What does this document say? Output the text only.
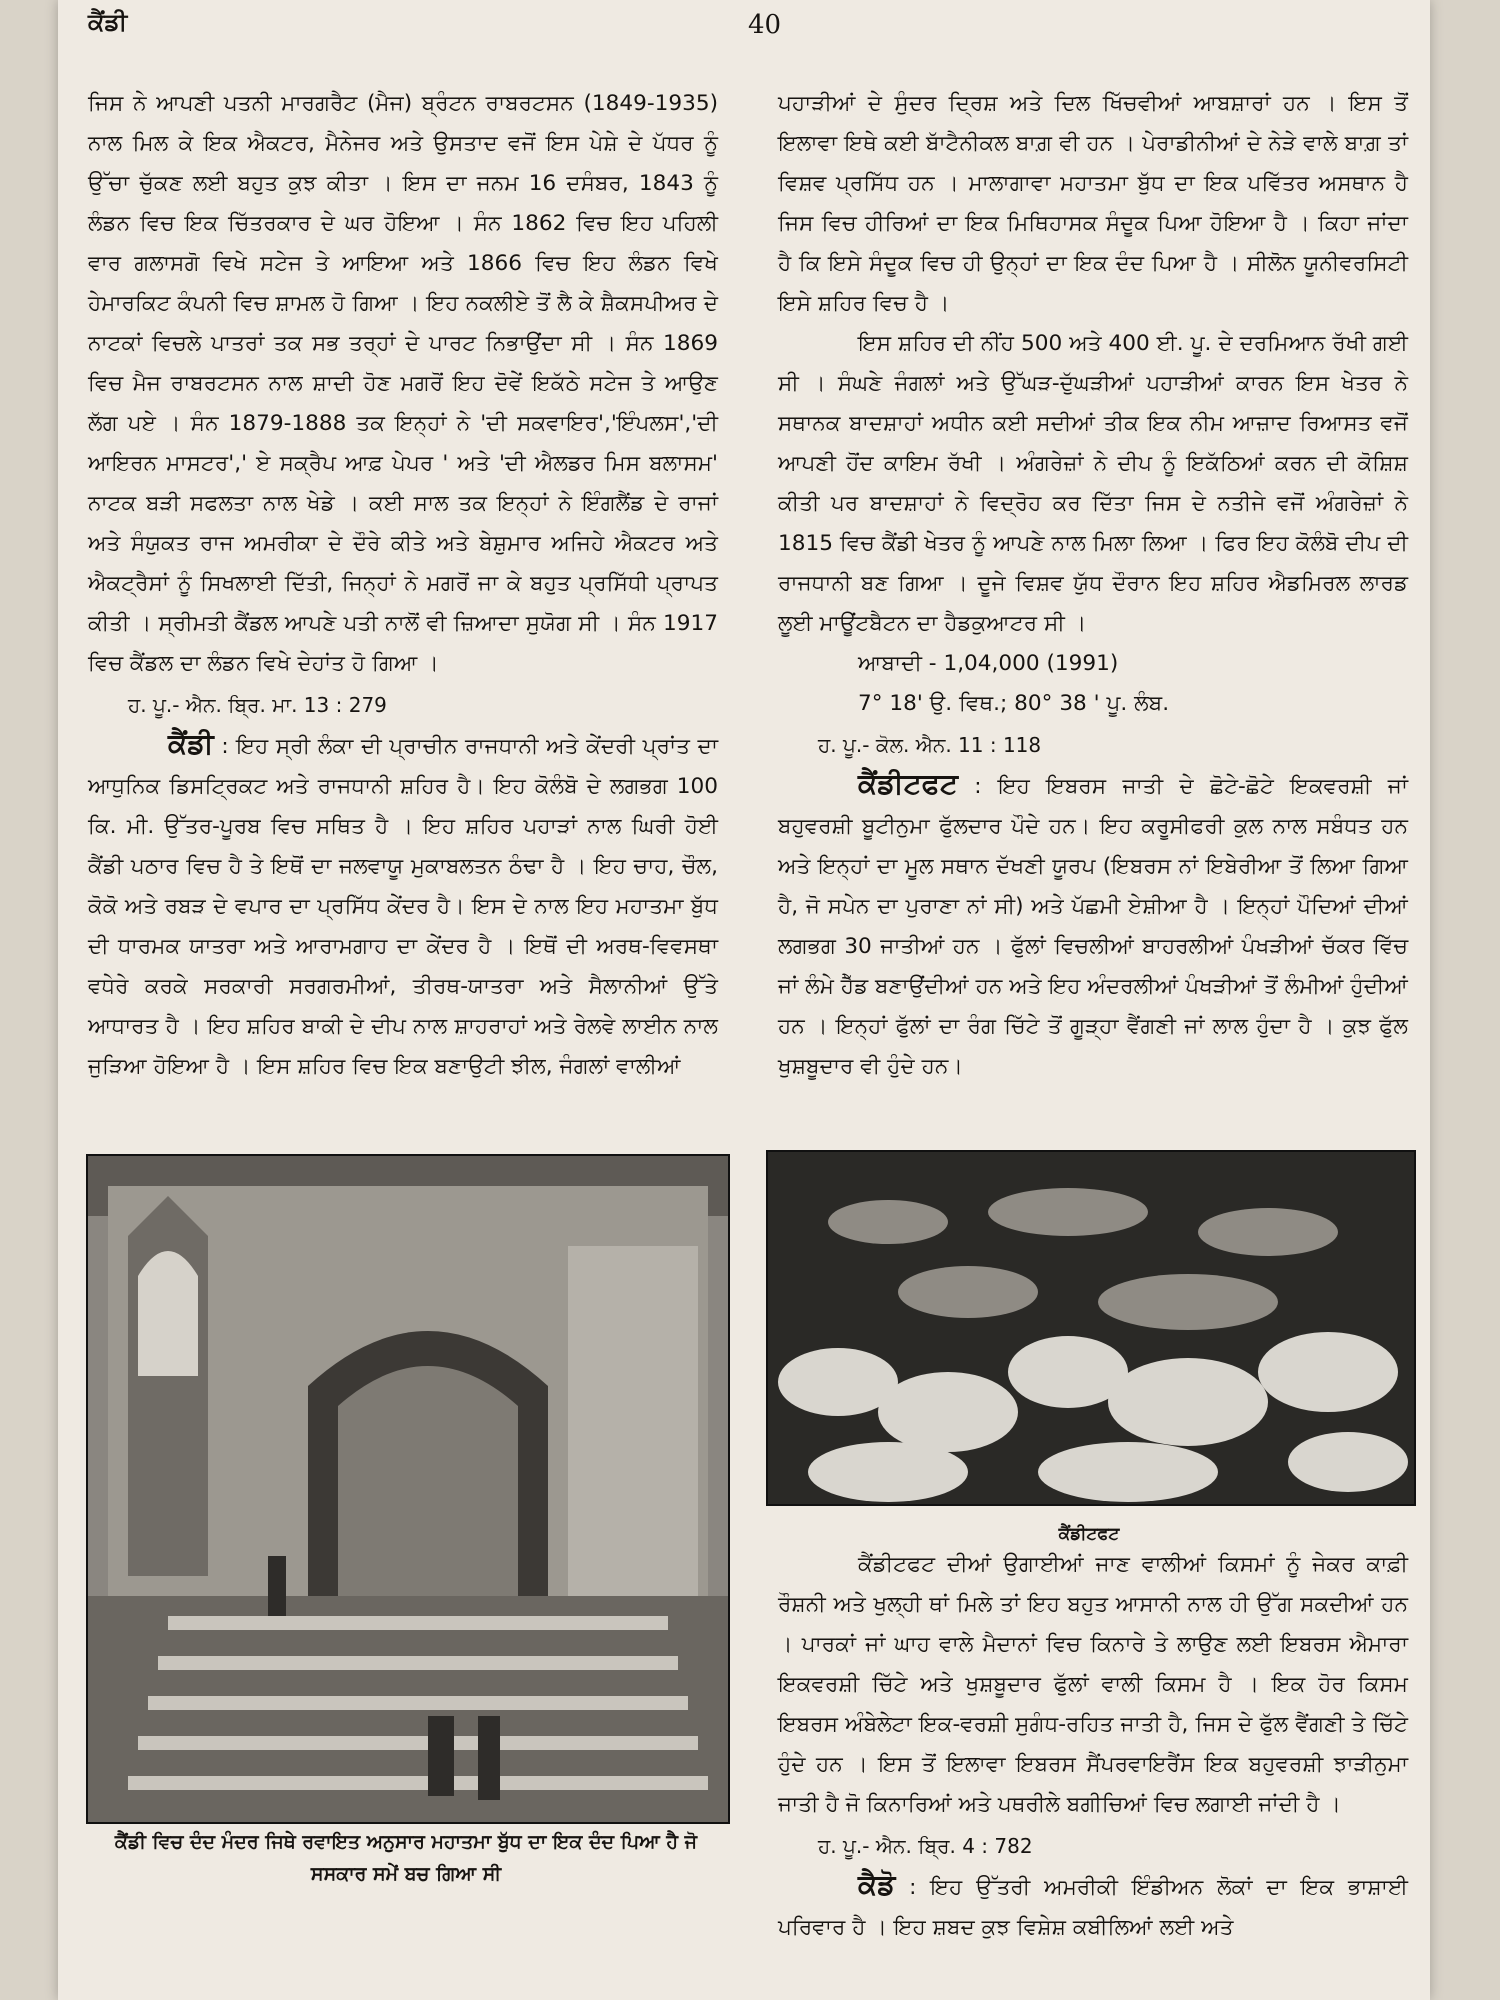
ਕੈਂਡੀ	40

ਜਿਸ ਨੇ ਆਪਣੀ ਪਤਨੀ ਮਾਰਗਰੈਟ (ਮੈਜ) ਬ੍ਰੰਟਨ ਰਾਬਰਟਸਨ (1849-1935) ਨਾਲ ਮਿਲ ਕੇ ਇਕ ਐਕਟਰ, ਮੈਨੇਜਰ ਅਤੇ ਉਸਤਾਦ ਵਜੋਂ ਇਸ ਪੇਸ਼ੇ ਦੇ ਪੱਧਰ ਨੂੰ ਉੱਚਾ ਚੁੱਕਣ ਲਈ ਬਹੁਤ ਕੁਝ ਕੀਤਾ । ਇਸ ਦਾ ਜਨਮ 16 ਦਸੰਬਰ, 1843 ਨੂੰ ਲੰਡਨ ਵਿਚ ਇਕ ਚਿੱਤਰਕਾਰ ਦੇ ਘਰ ਹੋਇਆ । ਸੰਨ 1862 ਵਿਚ ਇਹ ਪਹਿਲੀ ਵਾਰ ਗਲਾਸਗੋ ਵਿਖੇ ਸਟੇਜ ਤੇ ਆਇਆ ਅਤੇ 1866 ਵਿਚ ਇਹ ਲੰਡਨ ਵਿਖੇ ਹੇਮਾਰਕਿਟ ਕੰਪਨੀ ਵਿਚ ਸ਼ਾਮਲ ਹੋ ਗਿਆ । ਇਹ ਨਕਲੀਏ ਤੋਂ ਲੈ ਕੇ ਸ਼ੈਕਸਪੀਅਰ ਦੇ ਨਾਟਕਾਂ ਵਿਚਲੇ ਪਾਤਰਾਂ ਤਕ ਸਭ ਤਰ੍ਹਾਂ ਦੇ ਪਾਰਟ ਨਿਭਾਉਂਦਾ ਸੀ । ਸੰਨ 1869 ਵਿਚ ਮੈਜ ਰਾਬਰਟਸਨ ਨਾਲ ਸ਼ਾਦੀ ਹੋਣ ਮਗਰੋਂ ਇਹ ਦੋਵੇਂ ਇਕੱਠੇ ਸਟੇਜ ਤੇ ਆਉਣ ਲੱਗ ਪਏ । ਸੰਨ 1879-1888 ਤਕ ਇਨ੍ਹਾਂ ਨੇ 'ਦੀ ਸਕਵਾਇਰ','ਇੰਪਲਸ','ਦੀ ਆਇਰਨ ਮਾਸਟਰ',' ਏ ਸਕ੍ਰੈਪ ਆਫ਼ ਪੇਪਰ ' ਅਤੇ 'ਦੀ ਐਲਡਰ ਮਿਸ ਬਲਾਸਮ' ਨਾਟਕ ਬੜੀ ਸਫਲਤਾ ਨਾਲ ਖੇਡੇ । ਕਈ ਸਾਲ ਤਕ ਇਨ੍ਹਾਂ ਨੇ ਇੰਗਲੈਂਡ ਦੇ ਰਾਜਾਂ ਅਤੇ ਸੰਯੁਕਤ ਰਾਜ ਅਮਰੀਕਾ ਦੇ ਦੌਰੇ ਕੀਤੇ ਅਤੇ ਬੇਸ਼ੁਮਾਰ ਅਜਿਹੇ ਐਕਟਰ ਅਤੇ ਐਕਟ੍ਰੈਸਾਂ ਨੂੰ ਸਿਖਲਾਈ ਦਿੱਤੀ, ਜਿਨ੍ਹਾਂ ਨੇ ਮਗਰੋਂ ਜਾ ਕੇ ਬਹੁਤ ਪ੍ਰਸਿੱਧੀ ਪ੍ਰਾਪਤ ਕੀਤੀ । ਸ੍ਰੀਮਤੀ ਕੈਂਡਲ ਆਪਣੇ ਪਤੀ ਨਾਲੋਂ ਵੀ ਜ਼ਿਆਦਾ ਸੁਯੋਗ ਸੀ । ਸੰਨ 1917 ਵਿਚ ਕੈਂਡਲ ਦਾ ਲੰਡਨ ਵਿਖੇ ਦੇਹਾਂਤ ਹੋ ਗਿਆ ।

ਹ. ਪੂ.- ਐਨ. ਬ੍ਰਿ. ਮਾ. 13 : 279

ਕੈਂਡੀ : ਇਹ ਸ੍ਰੀ ਲੰਕਾ ਦੀ ਪ੍ਰਾਚੀਨ ਰਾਜਧਾਨੀ ਅਤੇ ਕੇਂਦਰੀ ਪ੍ਰਾਂਤ ਦਾ ਆਧੁਨਿਕ ਡਿਸਟ੍ਰਿਕਟ ਅਤੇ ਰਾਜਧਾਨੀ ਸ਼ਹਿਰ ਹੈ। ਇਹ ਕੋਲੰਬੋ ਦੇ ਲਗਭਗ 100 ਕਿ. ਮੀ. ਉੱਤਰ-ਪੂਰਬ ਵਿਚ ਸਥਿਤ ਹੈ । ਇਹ ਸ਼ਹਿਰ ਪਹਾੜਾਂ ਨਾਲ ਘਿਰੀ ਹੋਈ ਕੈਂਡੀ ਪਠਾਰ ਵਿਚ ਹੈ ਤੇ ਇਥੋਂ ਦਾ ਜਲਵਾਯੂ ਮੁਕਾਬਲਤਨ ਠੰਢਾ ਹੈ । ਇਹ ਚਾਹ, ਚੌਲ, ਕੋਕੋ ਅਤੇ ਰਬੜ ਦੇ ਵਪਾਰ ਦਾ ਪ੍ਰਸਿੱਧ ਕੇਂਦਰ ਹੈ। ਇਸ ਦੇ ਨਾਲ ਇਹ ਮਹਾਤਮਾ ਬੁੱਧ ਦੀ ਧਾਰਮਕ ਯਾਤਰਾ ਅਤੇ ਆਰਾਮਗਾਹ ਦਾ ਕੇਂਦਰ ਹੈ । ਇਥੋਂ ਦੀ ਅਰਥ-ਵਿਵਸਥਾ ਵਧੇਰੇ ਕਰਕੇ ਸਰਕਾਰੀ ਸਰਗਰਮੀਆਂ, ਤੀਰਥ-ਯਾਤਰਾ ਅਤੇ ਸੈਲਾਨੀਆਂ ਉੱਤੇ ਆਧਾਰਤ ਹੈ । ਇਹ ਸ਼ਹਿਰ ਬਾਕੀ ਦੇ ਦੀਪ ਨਾਲ ਸ਼ਾਹਰਾਹਾਂ ਅਤੇ ਰੇਲਵੇ ਲਾਈਨ ਨਾਲ ਜੁੜਿਆ ਹੋਇਆ ਹੈ । ਇਸ ਸ਼ਹਿਰ ਵਿਚ ਇਕ ਬਣਾਉਟੀ ਝੀਲ, ਜੰਗਲਾਂ ਵਾਲੀਆਂ

ਕੈਂਡੀ ਵਿਚ ਦੰਦ ਮੰਦਰ ਜਿਥੇ ਰਵਾਇਤ ਅਨੁਸਾਰ ਮਹਾਤਮਾ ਬੁੱਧ ਦਾ ਇਕ ਦੰਦ ਪਿਆ ਹੈ ਜੋ ਸਸਕਾਰ ਸਮੇਂ ਬਚ ਗਿਆ ਸੀ

ਪਹਾੜੀਆਂ ਦੇ ਸੁੰਦਰ ਦ੍ਰਿਸ਼ ਅਤੇ ਦਿਲ ਖਿੱਚਵੀਆਂ ਆਬਸ਼ਾਰਾਂ ਹਨ । ਇਸ ਤੋਂ ਇਲਾਵਾ ਇਥੇ ਕਈ ਬਾੱਟੈਨੀਕਲ ਬਾਗ਼ ਵੀ ਹਨ । ਪੇਰਾਡੀਨੀਆਂ ਦੇ ਨੇੜੇ ਵਾਲੇ ਬਾਗ਼ ਤਾਂ ਵਿਸ਼ਵ ਪ੍ਰਸਿੱਧ ਹਨ । ਮਾਲਾਗਾਵਾ ਮਹਾਤਮਾ ਬੁੱਧ ਦਾ ਇਕ ਪਵਿੱਤਰ ਅਸਥਾਨ ਹੈ ਜਿਸ ਵਿਚ ਹੀਰਿਆਂ ਦਾ ਇਕ ਮਿਥਿਹਾਸਕ ਸੰਦੂਕ ਪਿਆ ਹੋਇਆ ਹੈ । ਕਿਹਾ ਜਾਂਦਾ ਹੈ ਕਿ ਇਸੇ ਸੰਦੂਕ ਵਿਚ ਹੀ ਉਨ੍ਹਾਂ ਦਾ ਇਕ ਦੰਦ ਪਿਆ ਹੈ । ਸੀਲੋਨ ਯੂਨੀਵਰਸਿਟੀ ਇਸੇ ਸ਼ਹਿਰ ਵਿਚ ਹੈ ।

ਇਸ ਸ਼ਹਿਰ ਦੀ ਨੀਂਹ 500 ਅਤੇ 400 ਈ. ਪੂ. ਦੇ ਦਰਮਿਆਨ ਰੱਖੀ ਗਈ ਸੀ । ਸੰਘਣੇ ਜੰਗਲਾਂ ਅਤੇ ਉੱਘੜ-ਦੁੱਘੜੀਆਂ ਪਹਾੜੀਆਂ ਕਾਰਨ ਇਸ ਖੇਤਰ ਨੇ ਸਥਾਨਕ ਬਾਦਸ਼ਾਹਾਂ ਅਧੀਨ ਕਈ ਸਦੀਆਂ ਤੀਕ ਇਕ ਨੀਮ ਆਜ਼ਾਦ ਰਿਆਸਤ ਵਜੋਂ ਆਪਣੀ ਹੋਂਦ ਕਾਇਮ ਰੱਖੀ । ਅੰਗਰੇਜ਼ਾਂ ਨੇ ਦੀਪ ਨੂੰ ਇਕੱਠਿਆਂ ਕਰਨ ਦੀ ਕੋਸ਼ਿਸ਼ ਕੀਤੀ ਪਰ ਬਾਦਸ਼ਾਹਾਂ ਨੇ ਵਿਦ੍ਰੋਹ ਕਰ ਦਿੱਤਾ ਜਿਸ ਦੇ ਨਤੀਜੇ ਵਜੋਂ ਅੰਗਰੇਜ਼ਾਂ ਨੇ 1815 ਵਿਚ ਕੈਂਡੀ ਖੇਤਰ ਨੂੰ ਆਪਣੇ ਨਾਲ ਮਿਲਾ ਲਿਆ । ਫਿਰ ਇਹ ਕੋਲੰਬੋ ਦੀਪ ਦੀ ਰਾਜਧਾਨੀ ਬਣ ਗਿਆ । ਦੂਜੇ ਵਿਸ਼ਵ ਯੁੱਧ ਦੌਰਾਨ ਇਹ ਸ਼ਹਿਰ ਐਡਮਿਰਲ ਲਾਰਡ ਲੂਈ ਮਾਊਂਟਬੈਟਨ ਦਾ ਹੈਡਕੁਆਟਰ ਸੀ ।

ਆਬਾਦੀ - 1,04,000 (1991)
7° 18' ਉ. ਵਿਥ.; 80° 38 ' ਪੂ. ਲੰਬ.

ਹ. ਪੂ.- ਕੋਲ. ਐਨ. 11 : 118

ਕੈਂਡੀਟਫਟ : ਇਹ ਇਬਰਸ ਜਾਤੀ ਦੇ ਛੋਟੇ-ਛੋਟੇ ਇਕਵਰਸ਼ੀ ਜਾਂ ਬਹੁਵਰਸ਼ੀ ਬੂਟੀਨੁਮਾ ਫੁੱਲਦਾਰ ਪੌਦੇ ਹਨ। ਇਹ ਕਰੂਸੀਫਰੀ ਕੁਲ ਨਾਲ ਸਬੰਧਤ ਹਨ ਅਤੇ ਇਨ੍ਹਾਂ ਦਾ ਮੂਲ ਸਥਾਨ ਦੱਖਣੀ ਯੂਰਪ (ਇਬਰਸ ਨਾਂ ਇਬੇਰੀਆ ਤੋਂ ਲਿਆ ਗਿਆ ਹੈ, ਜੋ ਸਪੇਨ ਦਾ ਪੁਰਾਣਾ ਨਾਂ ਸੀ) ਅਤੇ ਪੱਛਮੀ ਏਸ਼ੀਆ ਹੈ । ਇਨ੍ਹਾਂ ਪੌਦਿਆਂ ਦੀਆਂ ਲਗਭਗ 30 ਜਾਤੀਆਂ ਹਨ । ਫੁੱਲਾਂ ਵਿਚਲੀਆਂ ਬਾਹਰਲੀਆਂ ਪੰਖੜੀਆਂ ਚੱਕਰ ਵਿੱਚ ਜਾਂ ਲੰਮੇ ਹੈੱਡ ਬਣਾਉਂਦੀਆਂ ਹਨ ਅਤੇ ਇਹ ਅੰਦਰਲੀਆਂ ਪੰਖੜੀਆਂ ਤੋਂ ਲੰਮੀਆਂ ਹੁੰਦੀਆਂ ਹਨ । ਇਨ੍ਹਾਂ ਫੁੱਲਾਂ ਦਾ ਰੰਗ ਚਿੱਟੇ ਤੋਂ ਗੂੜ੍ਹਾ ਵੈਂਗਣੀ ਜਾਂ ਲਾਲ ਹੁੰਦਾ ਹੈ । ਕੁਝ ਫੁੱਲ ਖੁਸ਼ਬੂਦਾਰ ਵੀ ਹੁੰਦੇ ਹਨ।

ਕੈਂਡੀਟਫਟ

ਕੈਂਡੀਟਫਟ ਦੀਆਂ ਉਗਾਈਆਂ ਜਾਣ ਵਾਲੀਆਂ ਕਿਸਮਾਂ ਨੂੰ ਜੇਕਰ ਕਾਫ਼ੀ ਰੌਸ਼ਨੀ ਅਤੇ ਖੁਲ੍ਹੀ ਥਾਂ ਮਿਲੇ ਤਾਂ ਇਹ ਬਹੁਤ ਆਸਾਨੀ ਨਾਲ ਹੀ ਉੱਗ ਸਕਦੀਆਂ ਹਨ । ਪਾਰਕਾਂ ਜਾਂ ਘਾਹ ਵਾਲੇ ਮੈਦਾਨਾਂ ਵਿਚ ਕਿਨਾਰੇ ਤੇ ਲਾਉਣ ਲਈ ਇਬਰਸ ਐਮਾਰਾ ਇਕਵਰਸ਼ੀ ਚਿੱਟੇ ਅਤੇ ਖੁਸ਼ਬੂਦਾਰ ਫੁੱਲਾਂ ਵਾਲੀ ਕਿਸਮ ਹੈ । ਇਕ ਹੋਰ ਕਿਸਮ ਇਬਰਸ ਅੰਬੇਲੇਟਾ ਇਕ-ਵਰਸ਼ੀ ਸੁਗੰਧ-ਰਹਿਤ ਜਾਤੀ ਹੈ, ਜਿਸ ਦੇ ਫੁੱਲ ਵੈਂਗਣੀ ਤੇ ਚਿੱਟੇ ਹੁੰਦੇ ਹਨ । ਇਸ ਤੋਂ ਇਲਾਵਾ ਇਬਰਸ ਸੈਂਪਰਵਾਇਰੈਂਸ ਇਕ ਬਹੁਵਰਸ਼ੀ ਝਾੜੀਨੁਮਾ ਜਾਤੀ ਹੈ ਜੋ ਕਿਨਾਰਿਆਂ ਅਤੇ ਪਥਰੀਲੇ ਬਗੀਚਿਆਂ ਵਿਚ ਲਗਾਈ ਜਾਂਦੀ ਹੈ ।

ਹ. ਪੂ.- ਐਨ. ਬ੍ਰਿ. 4 : 782

ਕੈਡੋ : ਇਹ ਉੱਤਰੀ ਅਮਰੀਕੀ ਇੰਡੀਅਨ ਲੋਕਾਂ ਦਾ ਇਕ ਭਾਸ਼ਾਈ ਪਰਿਵਾਰ ਹੈ । ਇਹ ਸ਼ਬਦ ਕੁਝ ਵਿਸ਼ੇਸ਼ ਕਬੀਲਿਆਂ ਲਈ ਅਤੇ
